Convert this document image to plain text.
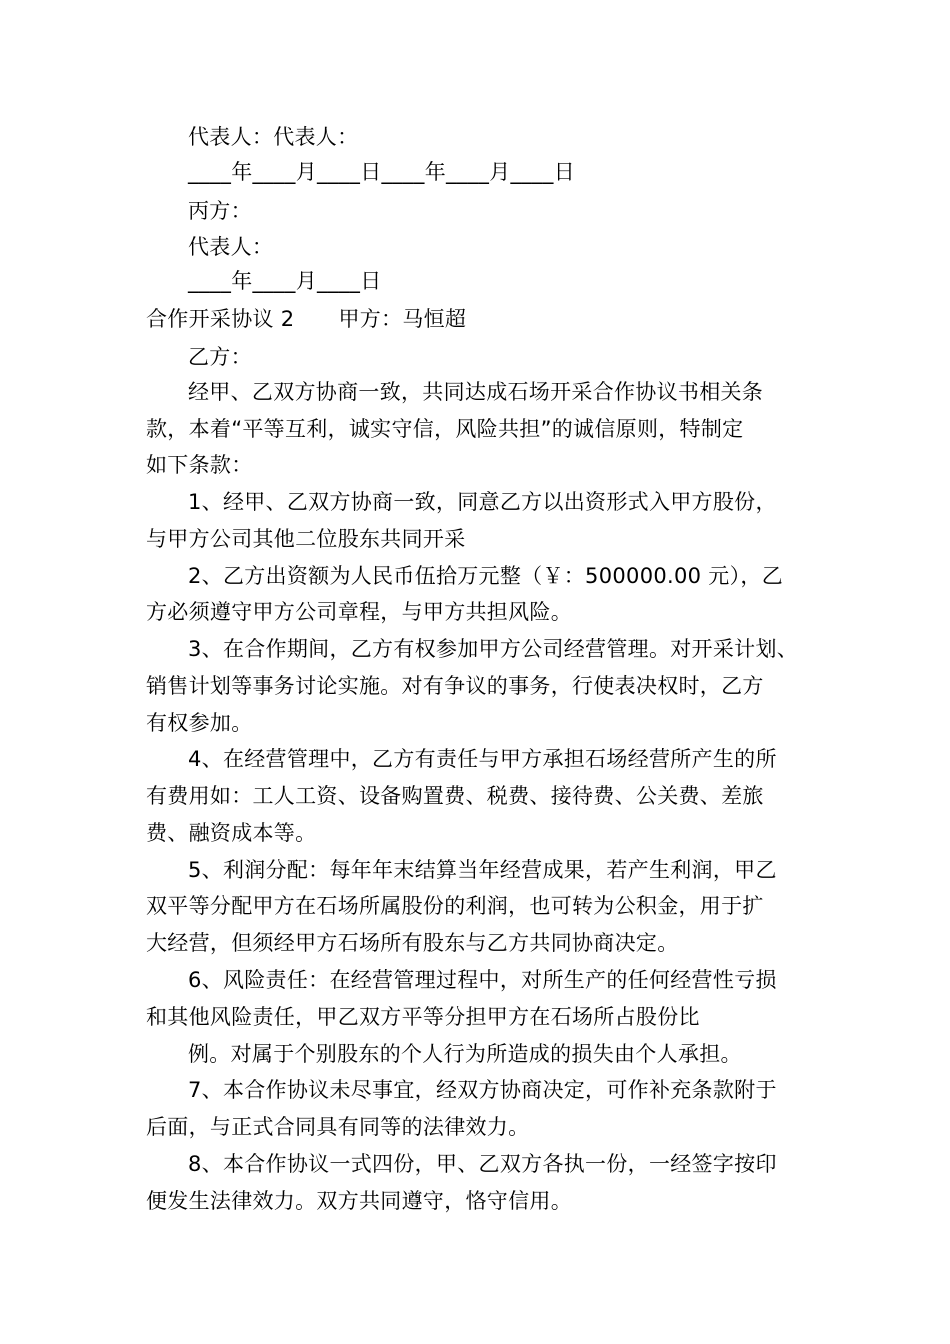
代表人：代表人：
____年____月____日____年____月____日
丙方：
代表人：
____年____月____日
合作开采协议 2 甲方：马恒超
乙方：
经甲、乙双方协商一致，共同达成石场开采合作协议书相关条
款，本着“平等互利，诚实守信，风险共担”的诚信原则，特制定
如下条款：
1、经甲、乙双方协商一致，同意乙方以出资形式入甲方股份，
与甲方公司其他二位股东共同开采
2、乙方出资额为人民币伍拾万元整（￥：500000.00 元），乙
方必须遵守甲方公司章程，与甲方共担风险。
3、在合作期间，乙方有权参加甲方公司经营管理。对开采计划、
销售计划等事务讨论实施。对有争议的事务，行使表决权时，乙方
有权参加。
4、在经营管理中，乙方有责任与甲方承担石场经营所产生的所
有费用如：工人工资、设备购置费、税费、接待费、公关费、差旅
费、融资成本等。
5、利润分配：每年年末结算当年经营成果，若产生利润，甲乙
双平等分配甲方在石场所属股份的利润，也可转为公积金，用于扩
大经营，但须经甲方石场所有股东与乙方共同协商决定。
6、风险责任：在经营管理过程中，对所生产的任何经营性亏损
和其他风险责任，甲乙双方平等分担甲方在石场所占股份比
例。对属于个别股东的个人行为所造成的损失由个人承担。
7、本合作协议未尽事宜，经双方协商决定，可作补充条款附于
后面，与正式合同具有同等的法律效力。
8、本合作协议一式四份，甲、乙双方各执一份，一经签字按印
便发生法律效力。双方共同遵守，恪守信用。
